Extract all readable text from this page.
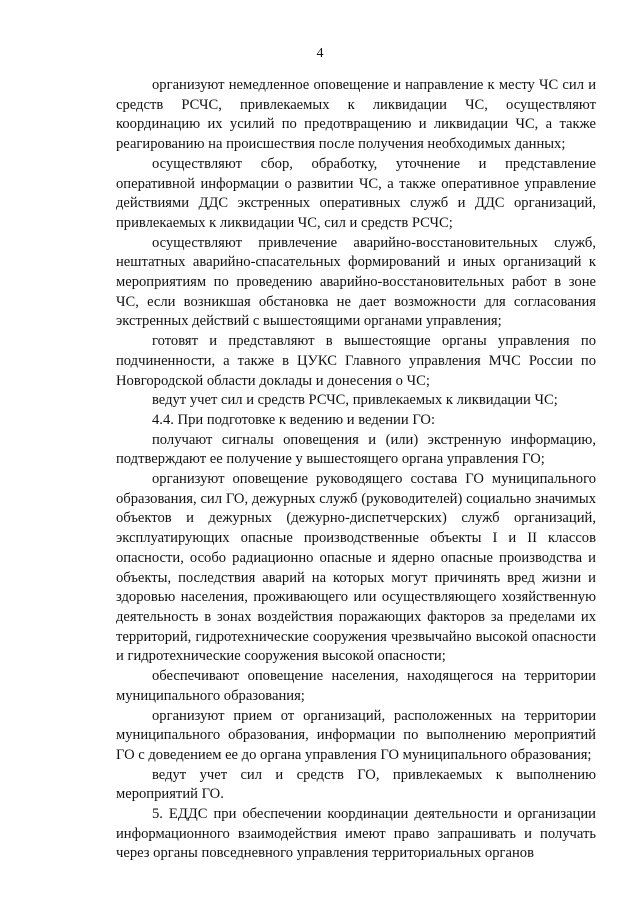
4

организуют немедленное оповещение и направление к месту ЧС сил и средств РСЧС, привлекаемых к ликвидации ЧС, осуществляют координацию их усилий по предотвращению и ликвидации ЧС, а также реагированию на происшествия после получения необходимых данных;

осуществляют сбор, обработку, уточнение и представление оперативной информации о развитии ЧС, а также оперативное управление действиями ДДС экстренных оперативных служб и ДДС организаций, привлекаемых к ликвидации ЧС, сил и средств РСЧС;

осуществляют привлечение аварийно-восстановительных служб, нештатных аварийно-спасательных формирований и иных организаций к мероприятиям по проведению аварийно-восстановительных работ в зоне ЧС, если возникшая обстановка не дает возможности для согласования экстренных действий с вышестоящими органами управления;

готовят и представляют в вышестоящие органы управления по подчиненности, а также в ЦУКС Главного управления МЧС России по Новгородской области доклады и донесения о ЧС;

ведут учет сил и средств РСЧС, привлекаемых к ликвидации ЧС;

4.4. При подготовке к ведению и ведении ГО:

получают сигналы оповещения и (или) экстренную информацию, подтверждают ее получение у вышестоящего органа управления ГО;

организуют оповещение руководящего состава ГО муниципального образования, сил ГО, дежурных служб (руководителей) социально значимых объектов и дежурных (дежурно-диспетчерских) служб организаций, эксплуатирующих опасные производственные объекты I и II классов опасности, особо радиационно опасные и ядерно опасные производства и объекты, последствия аварий на которых могут причинять вред жизни и здоровью населения, проживающего или осуществляющего хозяйственную деятельность в зонах воздействия поражающих факторов за пределами их территорий, гидротехнические сооружения чрезвычайно высокой опасности и гидротехнические сооружения высокой опасности;

обеспечивают оповещение населения, находящегося на территории муниципального образования;

организуют прием от организаций, расположенных на территории муниципального образования, информации по выполнению мероприятий ГО с доведением ее до органа управления ГО муниципального образования;

ведут учет сил и средств ГО, привлекаемых к выполнению мероприятий ГО.

5. ЕДДС при обеспечении координации деятельности и организации информационного взаимодействия имеют право запрашивать и получать через органы повседневного управления территориальных органов
